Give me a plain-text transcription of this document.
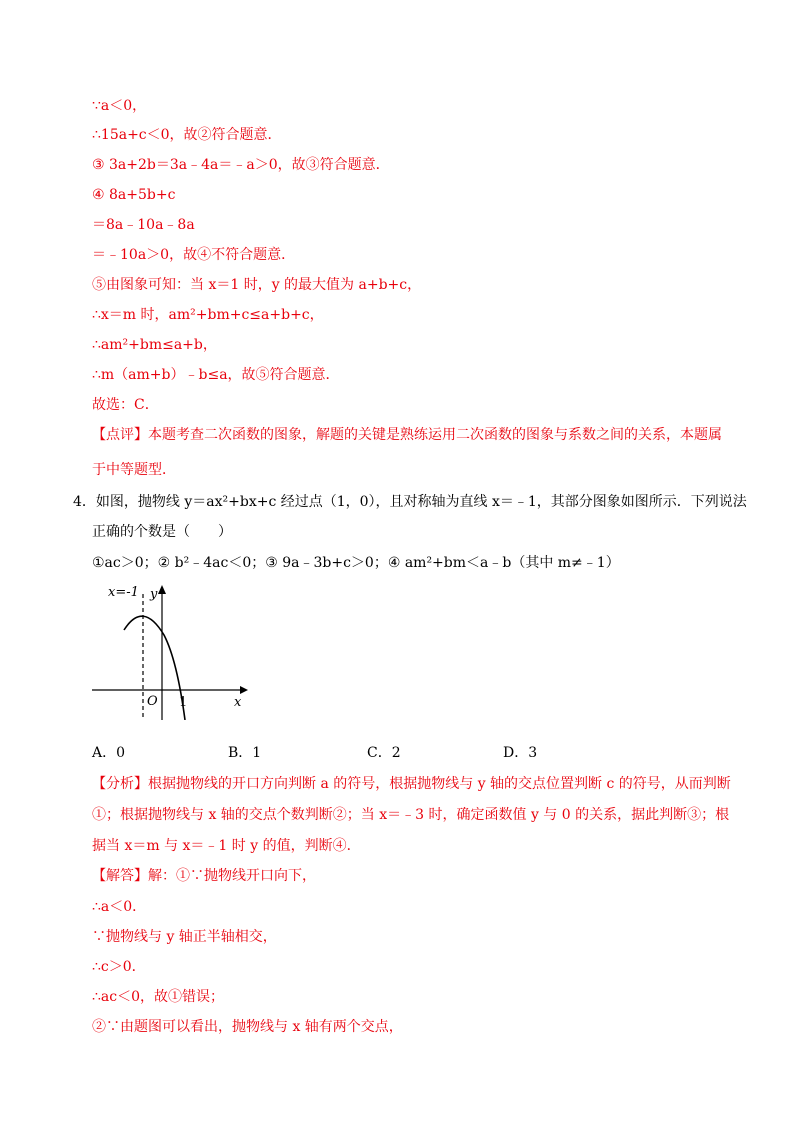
∵a＜0，
∴15a+c＜0，故②符合题意．
③ 3a+2b＝3a﹣4a＝﹣a＞0，故③符合题意．
④ 8a+5b+c
＝8a﹣10a﹣8a
＝﹣10a＞0，故④不符合题意．
⑤由图象可知：当 x＝1 时，y 的最大值为 a+b+c，
∴x＝m 时，am²+bm+c≤a+b+c，
∴am²+bm≤a+b，
∴m（am+b）﹣b≤a，故⑤符合题意．
故选：C．
【点评】本题考查二次函数的图象，解题的关键是熟练运用二次函数的图象与系数之间的关系，本题属
于中等题型．
4．如图，抛物线 y＝ax²+bx+c 经过点（1，0），且对称轴为直线 x＝﹣1，其部分图象如图所示．下列说法
正确的个数是（　　）
①ac＞0；② b²﹣4ac＜0；③ 9a﹣3b+c＞0；④ am²+bm＜a﹣b（其中 m≠﹣1）
x=-1 y
O 1	x
A．0	B．1	C．2	D．3
【分析】根据抛物线的开口方向判断 a 的符号，根据抛物线与 y 轴的交点位置判断 c 的符号，从而判断
①；根据抛物线与 x 轴的交点个数判断②；当 x＝﹣3 时，确定函数值 y 与 0 的关系，据此判断③；根
据当 x＝m 与 x＝﹣1 时 y 的值，判断④．
【解答】解：①∵抛物线开口向下，
∴a＜0．
∵抛物线与 y 轴正半轴相交，
∴c＞0．
∴ac＜0，故①错误；
②∵由题图可以看出，抛物线与 x 轴有两个交点，
